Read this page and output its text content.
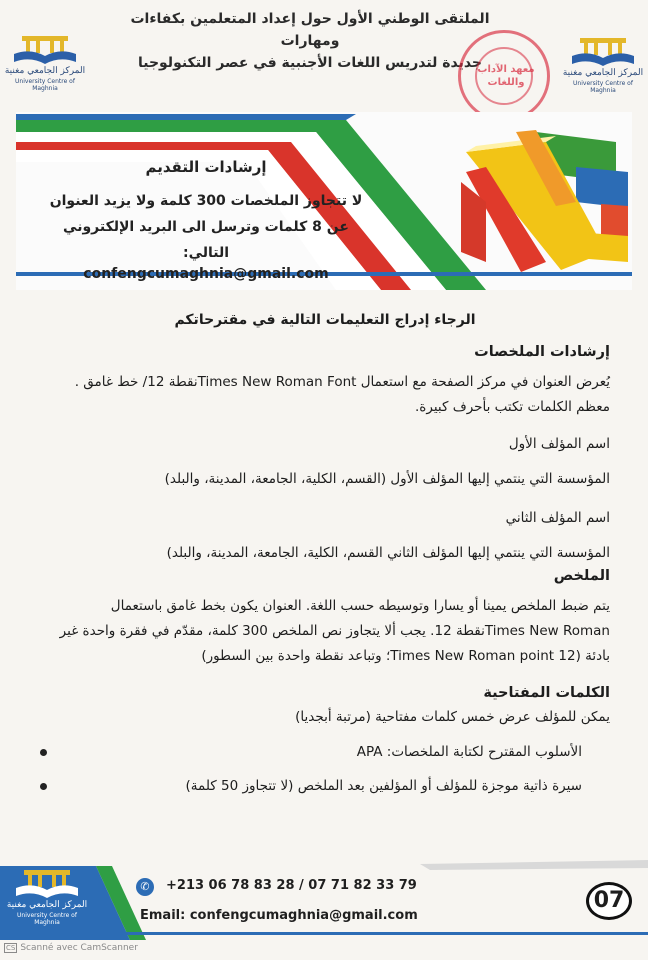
المركز الجامعي مغنية
University Centre of Maghnia
الملتقى الوطني الأول حول إعداد المتعلمين بكفاءات ومهارات
جديدة لتدريس اللغات الأجنبية في عصر التكنولوجيا
معهد الآداب واللغات
المركز الجامعي مغنية
University Centre of Maghnia
إرشادات التقديم
لا تتجاوز الملخصات 300 كلمة ولا يزيد العنوان
عن 8 كلمات وترسل الى البريد الإلكتروني التالي:
confengcumaghnia@gmail.com
الرجاء إدراج التعليمات التالية في مقترحاتكم
إرشادات الملخصات
يُعرض العنوان في مركز الصفحة مع استعمال Times New Roman Fontنقطة 12/ خط غامق .
معظم الكلمات تكتب بأحرف كبيرة.
اسم المؤلف الأول
المؤسسة التي ينتمي إليها المؤلف الأول (القسم، الكلية، الجامعة، المدينة، والبلد)
اسم المؤلف الثاني
المؤسسة التي ينتمي إليها المؤلف الثاني القسم، الكلية، الجامعة، المدينة، والبلد)
الملخص
يتم ضبط الملخص يمينا أو يسارا وتوسيطه حسب اللغة. العنوان يكون بخط غامق باستعمال
Times New Romanنقطة 12. يجب ألا يتجاوز نص الملخص 300 كلمة، مقدّم في فقرة واحدة غير
بادئة (Times New Roman point 12؛ وتباعد نقطة واحدة بين السطور)
الكلمات المفتاحية
يمكن للمؤلف عرض خمس كلمات مفتاحية (مرتبة أبجديا)
الأسلوب المقترح لكتابة الملخصات: APA
سيرة ذاتية موجزة للمؤلف أو المؤلفين بعد الملخص (لا تتجاوز 50 كلمة)
المركز الجامعي مغنية
University Centre of Maghnia
✆	+213 06 78 83 28 / 07 71 82 33 79
Email: confengcumaghnia@gmail.com
07
CS Scanné avec CamScanner
